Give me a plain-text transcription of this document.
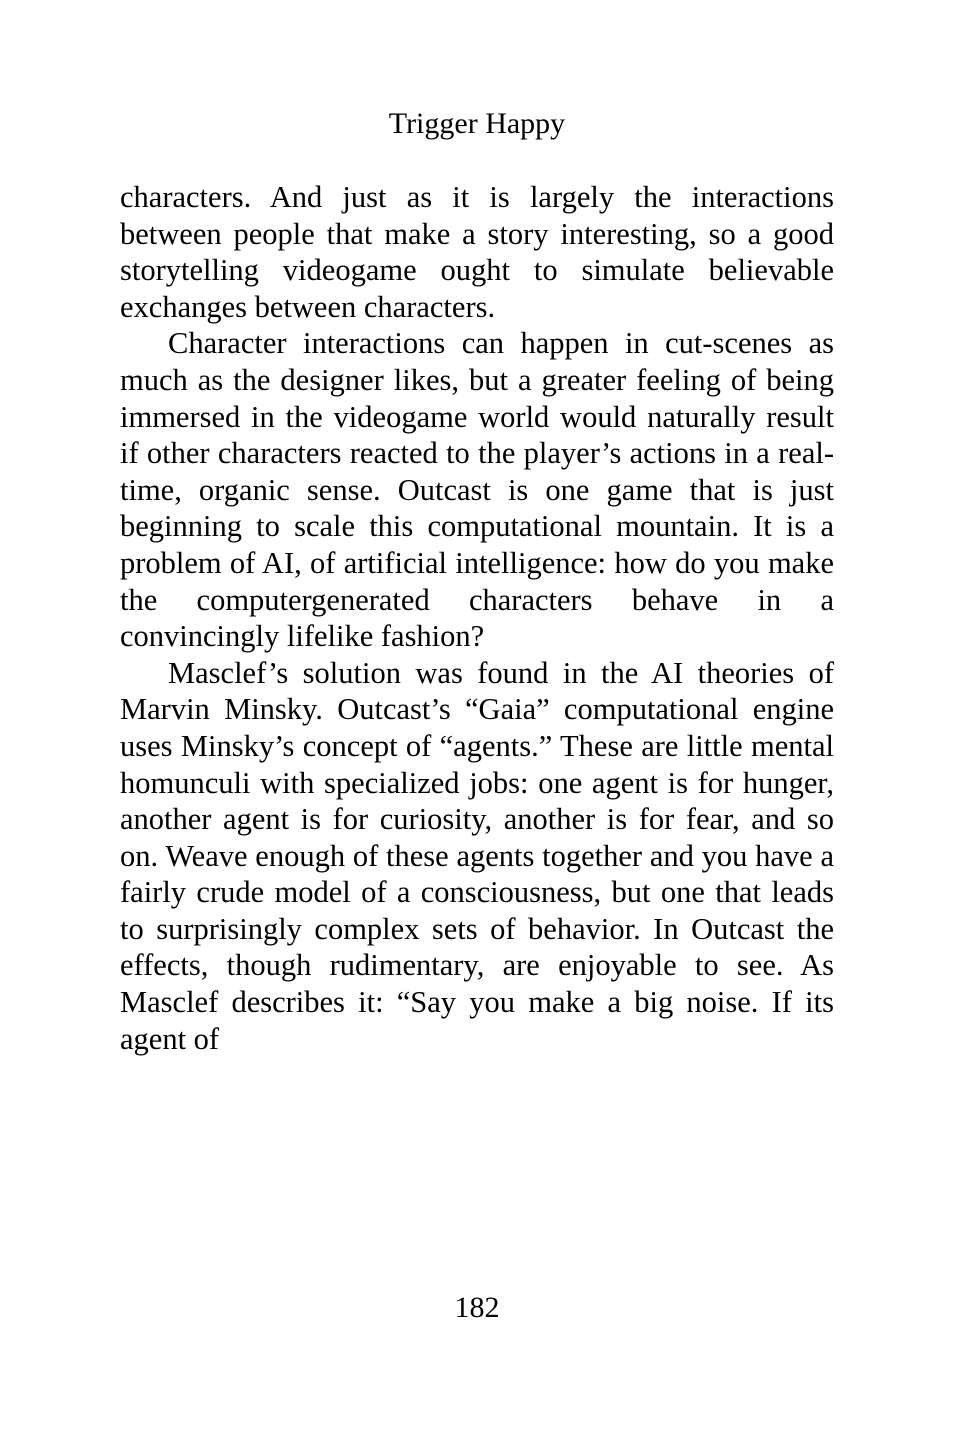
Trigger Happy

characters. And just as it is largely the interactions between people that make a story interesting, so a good storytelling videogame ought to simulate believable exchanges between characters.

Character interactions can happen in cut-scenes as much as the designer likes, but a greater feeling of being immersed in the videogame world would naturally result if other characters reacted to the player’s actions in a real-time, organic sense. Outcast is one game that is just beginning to scale this computational mountain. It is a problem of AI, of artificial intelligence: how do you make the computergenerated characters behave in a convincingly lifelike fashion?

Masclef’s solution was found in the AI theories of Marvin Minsky. Outcast’s “Gaia” computational engine uses Minsky’s concept of “agents.” These are little mental homunculi with specialized jobs: one agent is for hunger, another agent is for curiosity, another is for fear, and so on. Weave enough of these agents together and you have a fairly crude model of a consciousness, but one that leads to surprisingly complex sets of behavior. In Outcast the effects, though rudimentary, are enjoyable to see. As Masclef describes it: “Say you make a big noise. If its agent of

182
